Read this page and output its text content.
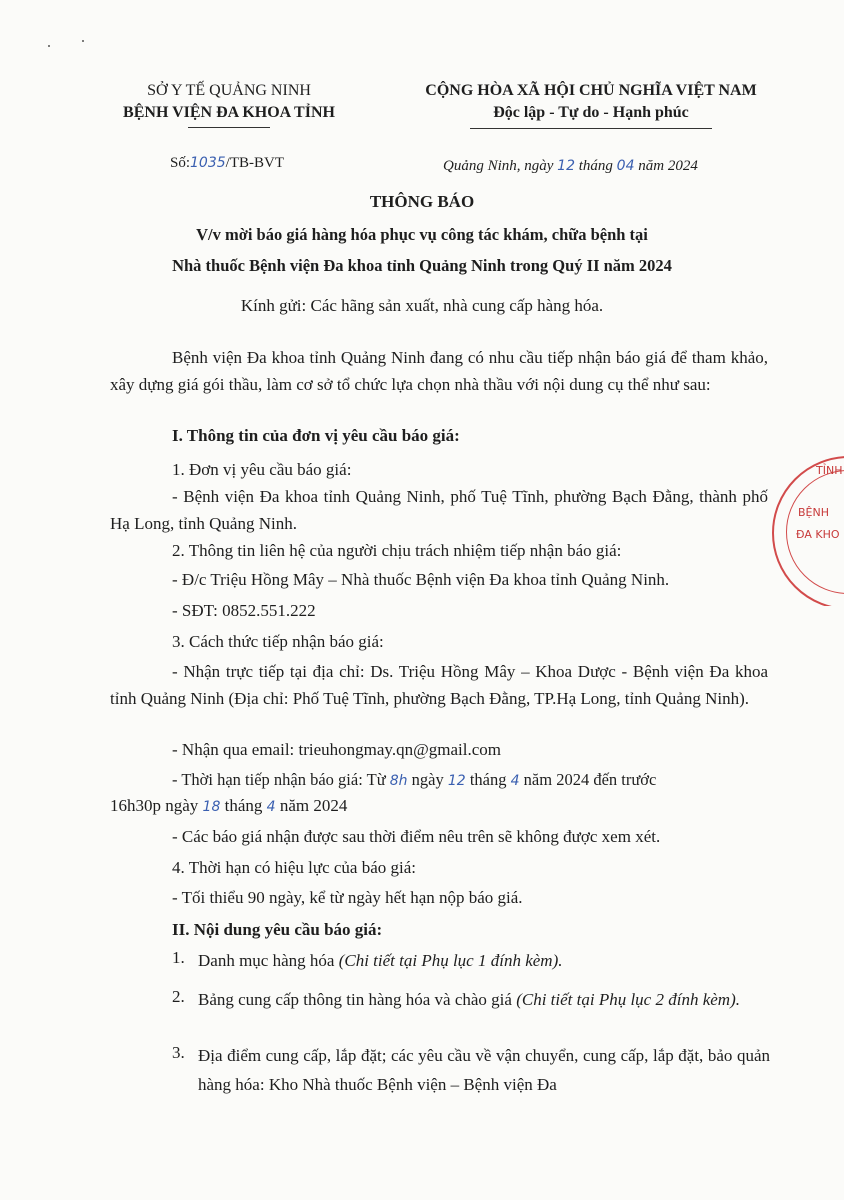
SỞ Y TẾ QUẢNG NINH
BỆNH VIỆN ĐA KHOA TỈNH
CỘNG HÒA XÃ HỘI CHỦ NGHĨA VIỆT NAM
Độc lập - Tự do - Hạnh phúc
Số:1035/TB-BVT	Quảng Ninh, ngày 12 tháng 04 năm 2024
THÔNG BÁO
V/v mời báo giá hàng hóa phục vụ công tác khám, chữa bệnh tại
Nhà thuốc Bệnh viện Đa khoa tỉnh Quảng Ninh trong Quý II năm 2024
Kính gửi: Các hãng sản xuất, nhà cung cấp hàng hóa.
Bệnh viện Đa khoa tỉnh Quảng Ninh đang có nhu cầu tiếp nhận báo giá để tham khảo, xây dựng giá gói thầu, làm cơ sở tổ chức lựa chọn nhà thầu với nội dung cụ thể như sau:
I. Thông tin của đơn vị yêu cầu báo giá:
1. Đơn vị yêu cầu báo giá:
- Bệnh viện Đa khoa tỉnh Quảng Ninh, phố Tuệ Tĩnh, phường Bạch Đằng, thành phố Hạ Long, tỉnh Quảng Ninh.
2. Thông tin liên hệ của người chịu trách nhiệm tiếp nhận báo giá:
- Đ/c Triệu Hồng Mây – Nhà thuốc Bệnh viện Đa khoa tỉnh Quảng Ninh.
- SĐT: 0852.551.222
3. Cách thức tiếp nhận báo giá:
- Nhận trực tiếp tại địa chỉ: Ds. Triệu Hồng Mây – Khoa Dược - Bệnh viện Đa khoa tỉnh Quảng Ninh (Địa chỉ: Phố Tuệ Tĩnh, phường Bạch Đằng, TP.Hạ Long, tỉnh Quảng Ninh).
- Nhận qua email: trieuhongmay.qn@gmail.com
- Thời hạn tiếp nhận báo giá: Từ 8h ngày 12 tháng 4 năm 2024 đến trước
16h30p ngày 18 tháng 4 năm 2024
- Các báo giá nhận được sau thời điểm nêu trên sẽ không được xem xét.
4. Thời hạn có hiệu lực của báo giá:
- Tối thiểu 90 ngày, kể từ ngày hết hạn nộp báo giá.
II. Nội dung yêu cầu báo giá:
1. Danh mục hàng hóa (Chi tiết tại Phụ lục 1 đính kèm).
2. Bảng cung cấp thông tin hàng hóa và chào giá (Chi tiết tại Phụ lục 2 đính kèm).
3. Địa điểm cung cấp, lắp đặt; các yêu cầu về vận chuyển, cung cấp, lắp đặt, bảo quản hàng hóa: Kho Nhà thuốc Bệnh viện – Bệnh viện Đa
TỈNH
BỆNH
ĐA KHO
